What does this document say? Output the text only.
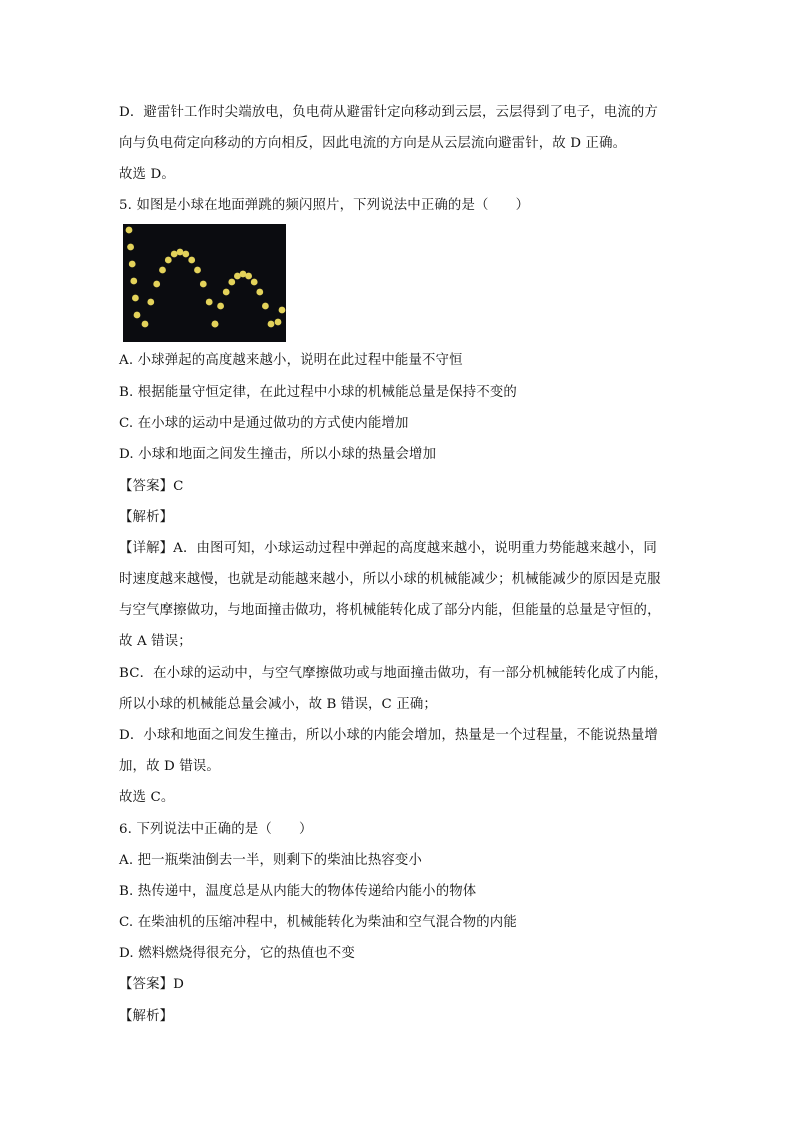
D．避雷针工作时尖端放电，负电荷从避雷针定向移动到云层，云层得到了电子，电流的方
向与负电荷定向移动的方向相反，因此电流的方向是从云层流向避雷针，故 D 正确。
故选 D。
5. 如图是小球在地面弹跳的频闪照片，下列说法中正确的是（　　）
A. 小球弹起的高度越来越小，说明在此过程中能量不守恒
B. 根据能量守恒定律，在此过程中小球的机械能总量是保持不变的
C. 在小球的运动中是通过做功的方式使内能增加
D. 小球和地面之间发生撞击，所以小球的热量会增加
【答案】C
【解析】
【详解】A．由图可知，小球运动过程中弹起的高度越来越小，说明重力势能越来越小，同
时速度越来越慢，也就是动能越来越小，所以小球的机械能减少；机械能减少的原因是克服
与空气摩擦做功，与地面撞击做功，将机械能转化成了部分内能，但能量的总量是守恒的，
故 A 错误；
BC．在小球的运动中，与空气摩擦做功或与地面撞击做功，有一部分机械能转化成了内能，
所以小球的机械能总量会减小，故 B 错误，C 正确；
D．小球和地面之间发生撞击，所以小球的内能会增加，热量是一个过程量，不能说热量增
加，故 D 错误。
故选 C。
6. 下列说法中正确的是（　　）
A. 把一瓶柴油倒去一半，则剩下的柴油比热容变小
B. 热传递中，温度总是从内能大的物体传递给内能小的物体
C. 在柴油机的压缩冲程中，机械能转化为柴油和空气混合物的内能
D. 燃料燃烧得很充分，它的热值也不变
【答案】D
【解析】
